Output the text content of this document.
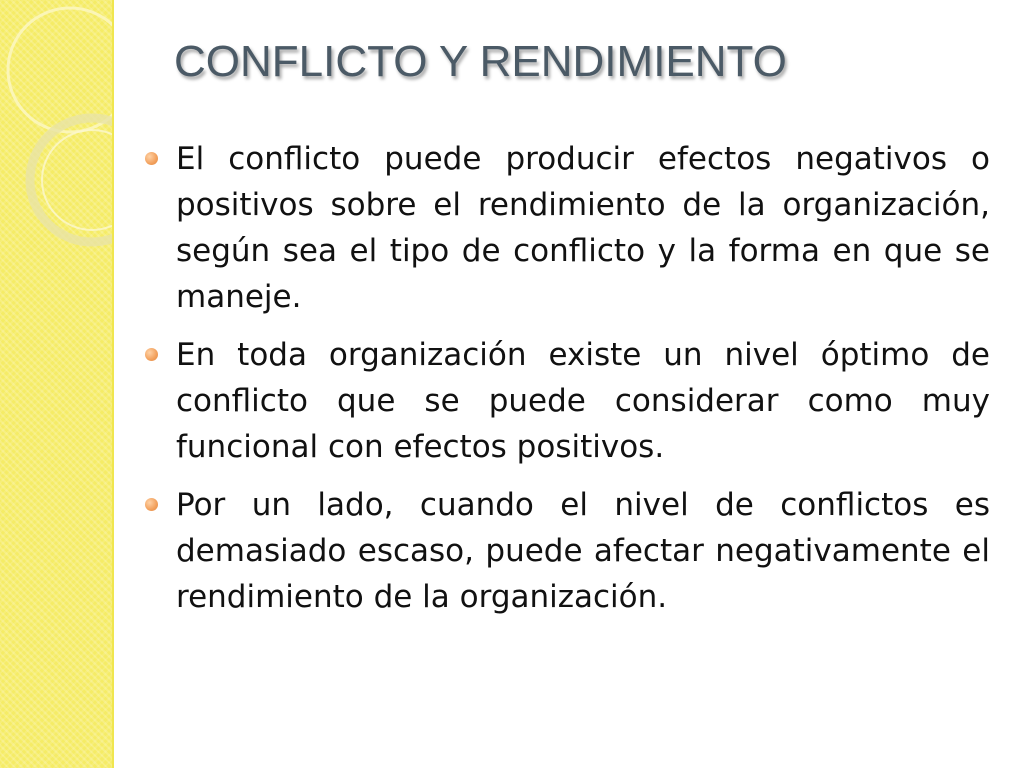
CONFLICTO Y RENDIMIENTO
El conflicto puede producir efectos negativos o positivos sobre el rendimiento de la organización, según sea el tipo de conflicto y la forma en que se maneje.
En toda organización existe un nivel óptimo de conflicto que se puede considerar como muy funcional con efectos positivos.
Por un lado, cuando el nivel de conflictos es demasiado escaso, puede afectar negativamente el rendimiento de la organización.
